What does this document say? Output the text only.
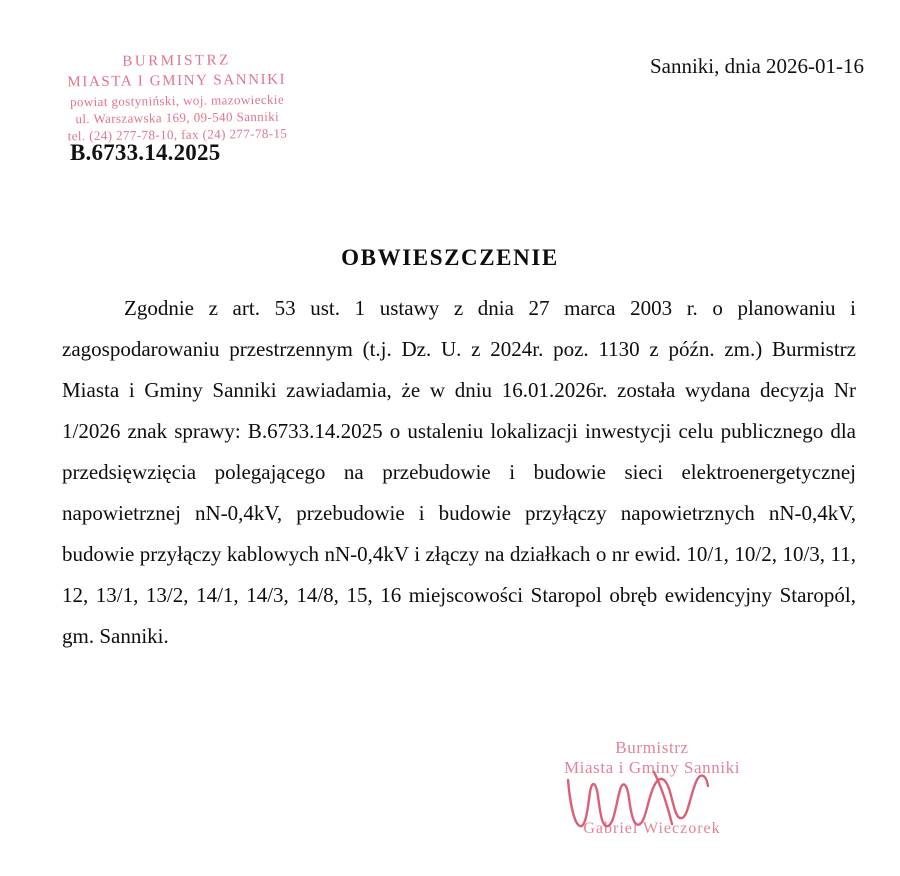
BURMISTRZ
MIASTA I GMINY SANNIKI
powiat gostyniński, woj. mazowieckie
ul. Warszawska 169, 09-540 Sanniki
tel. (24) 277-78-10, fax (24) 277-78-15
B.6733.14.2025
Sanniki, dnia 2026-01-16
OBWIESZCZENIE

Zgodnie z art. 53 ust. 1 ustawy z dnia 27 marca 2003 r. o planowaniu i zagospodarowaniu przestrzennym (t.j. Dz. U. z 2024r. poz. 1130 z późn. zm.) Burmistrz Miasta i Gminy Sanniki zawiadamia, że w dniu 16.01.2026r. została wydana decyzja Nr 1/2026 znak sprawy: B.6733.14.2025 o ustaleniu lokalizacji inwestycji celu publicznego dla przedsięwzięcia polegającego na przebudowie i budowie sieci elektroenergetycznej napowietrznej nN-0,4kV, przebudowie i budowie przyłączy napowietrznych nN-0,4kV, budowie przyłączy kablowych nN-0,4kV i złączy na działkach o nr ewid. 10/1, 10/2, 10/3, 11, 12, 13/1, 13/2, 14/1, 14/3, 14/8, 15, 16 miejscowości Staropol obręb ewidencyjny Staropól, gm. Sanniki.

Burmistrz
Miasta i Gminy Sanniki
Gabriel Wieczorek
